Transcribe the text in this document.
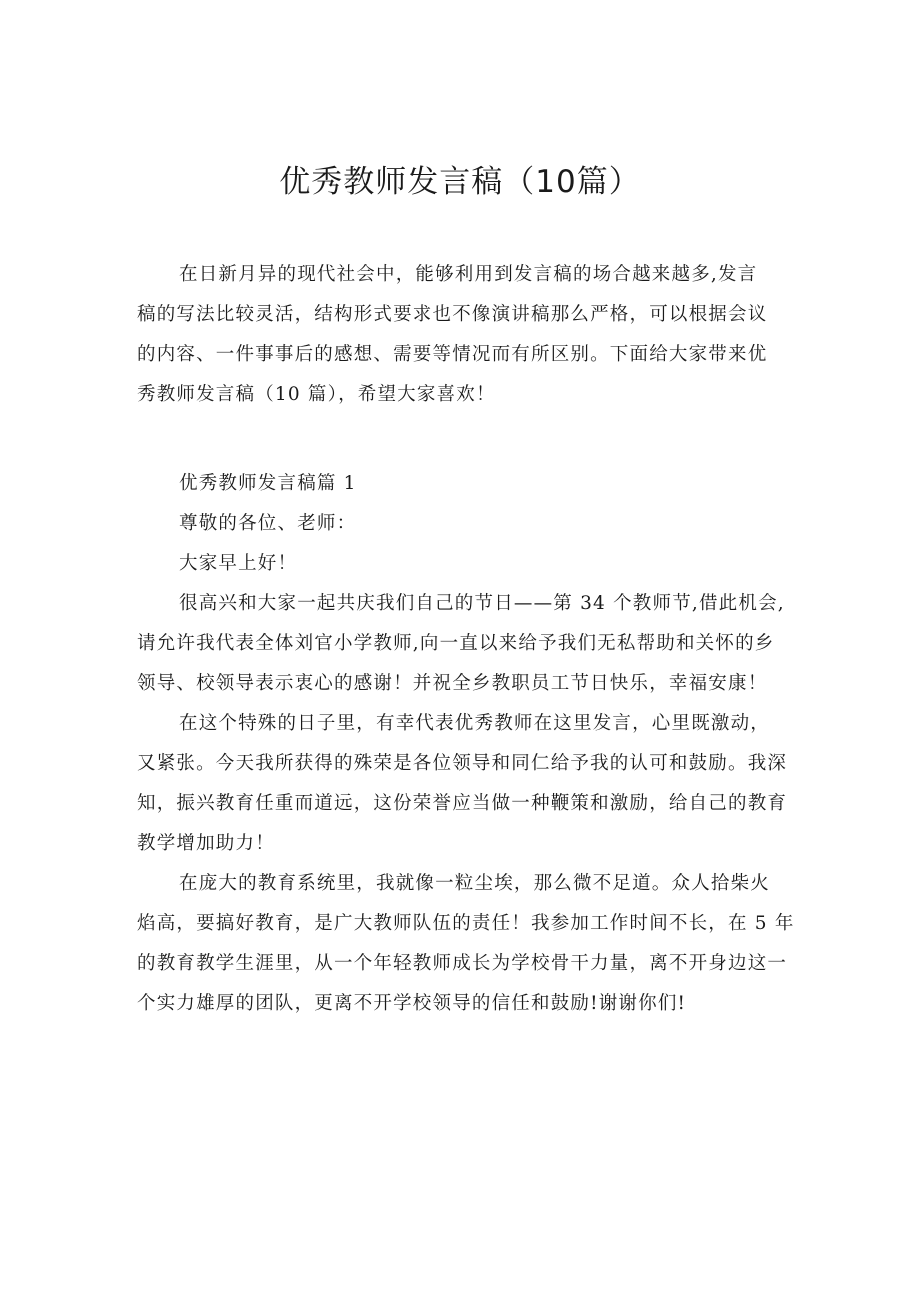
优秀教师发言稿（10篇）

在日新月异的现代社会中，能够利用到发言稿的场合越来越多,发言
稿的写法比较灵活，结构形式要求也不像演讲稿那么严格，可以根据会议
的内容、一件事事后的感想、需要等情况而有所区别。下面给大家带来优
秀教师发言稿（10 篇），希望大家喜欢！

优秀教师发言稿篇 1

尊敬的各位、老师：

大家早上好！

很高兴和大家一起共庆我们自己的节日——第 34 个教师节,借此机会,
请允许我代表全体刘官小学教师,向一直以来给予我们无私帮助和关怀的乡
领导、校领导表示衷心的感谢！并祝全乡教职员工节日快乐，幸福安康！

在这个特殊的日子里，有幸代表优秀教师在这里发言，心里既激动，
又紧张。今天我所获得的殊荣是各位领导和同仁给予我的认可和鼓励。我深
知，振兴教育任重而道远，这份荣誉应当做一种鞭策和激励，给自己的教育
教学增加助力！

在庞大的教育系统里，我就像一粒尘埃，那么微不足道。众人拾柴火
焰高，要搞好教育，是广大教师队伍的责任！我参加工作时间不长，在 5 年
的教育教学生涯里，从一个年轻教师成长为学校骨干力量，离不开身边这一
个实力雄厚的团队，更离不开学校领导的信任和鼓励!谢谢你们!
